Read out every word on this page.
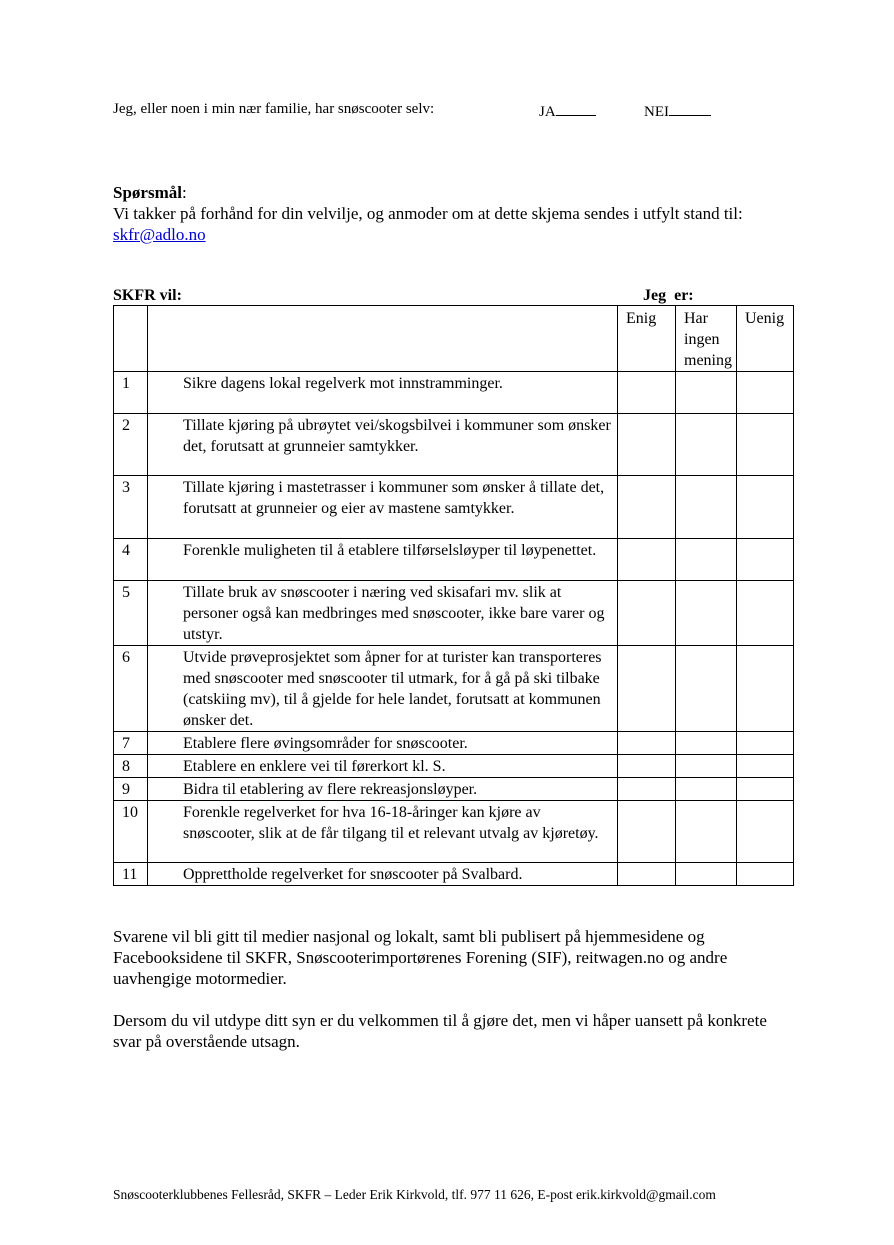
Jeg, eller noen i min nær familie, har snøscooter selv:	JA	NEI
Spørsmål:
Vi takker på forhånd for din velvilje, og anmoder om at dette skjema sendes i utfylt stand til:
skfr@adlo.no
SKFR vil:	Jeg  er:
		Enig	Har ingen mening	Uenig
1	Sikre dagens lokal regelverk mot innstramminger.			
2	Tillate kjøring på ubrøytet vei/skogsbilvei i kommuner som ønsker det, forutsatt at grunneier samtykker.			
3	Tillate kjøring i mastetrasser i kommuner som ønsker å tillate det, forutsatt at grunneier og eier av mastene samtykker.			
4	Forenkle muligheten til å etablere tilførselsløyper til løypenettet.			
5	Tillate bruk av snøscooter i næring ved skisafari mv. slik at personer også kan medbringes med snøscooter, ikke bare varer og utstyr.			
6	Utvide prøveprosjektet som åpner for at turister kan transporteres med snøscooter med snøscooter til utmark, for å gå på ski tilbake (catskiing mv), til å gjelde for hele landet, forutsatt at kommunen ønsker det.			
7	Etablere flere øvingsområder for snøscooter.			
8	Etablere en enklere vei til førerkort kl. S.			
9	Bidra til etablering av flere rekreasjonsløyper.			
10	Forenkle regelverket for hva 16-18-åringer kan kjøre av snøscooter, slik at de får tilgang til et relevant utvalg av kjøretøy.			
11	Opprettholde regelverket for snøscooter på Svalbard.			
Svarene vil bli gitt til medier nasjonal og lokalt, samt bli publisert på hjemmesidene og Facebooksidene til SKFR, Snøscooterimportørenes Forening (SIF), reitwagen.no og andre uavhengige motormedier.
Dersom du vil utdype ditt syn er du velkommen til å gjøre det, men vi håper uansett på konkrete svar på overstående utsagn.
Snøscooterklubbenes Fellesråd, SKFR – Leder Erik Kirkvold, tlf. 977 11 626, E-post erik.kirkvold@gmail.com
